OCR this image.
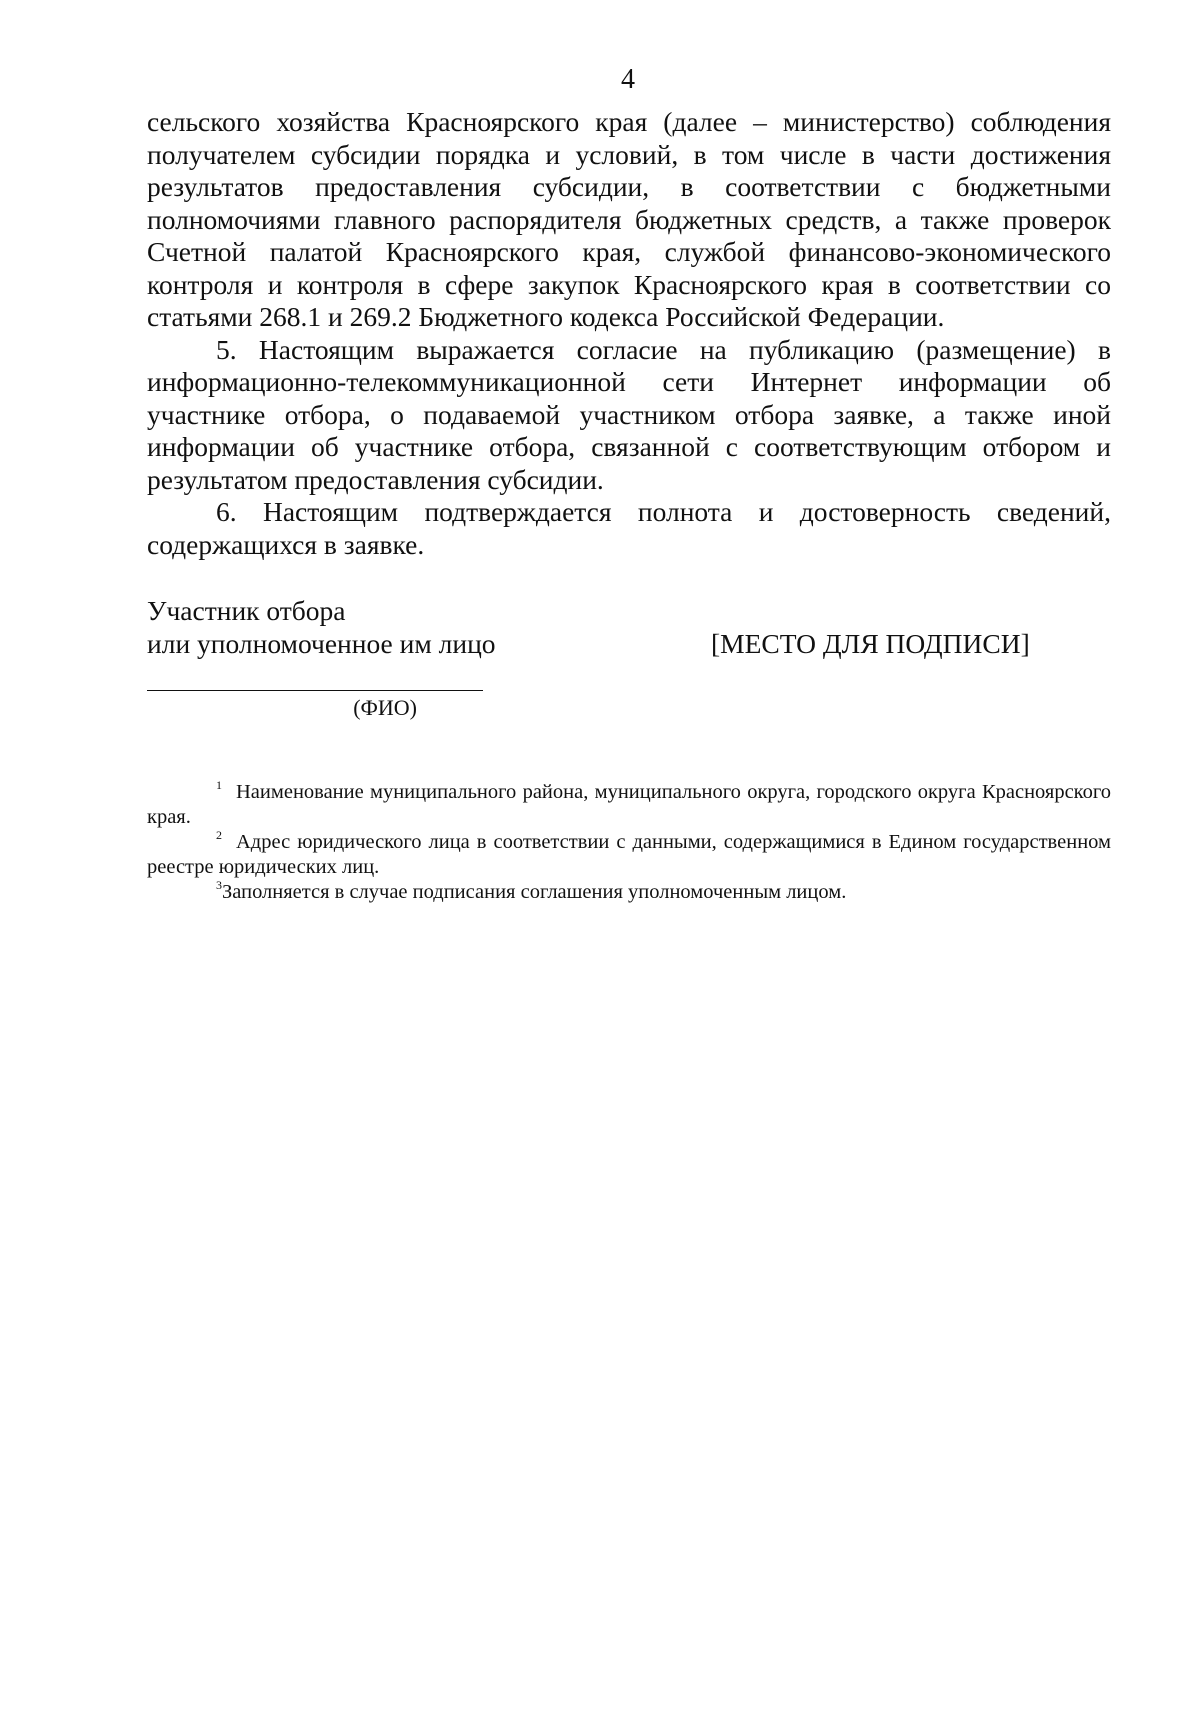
4

сельского хозяйства Красноярского края (далее – министерство) соблюдения получателем субсидии порядка и условий, в том числе в части достижения результатов предоставления субсидии, в соответствии с бюджетными полномочиями главного распорядителя бюджетных средств, а также проверок Счетной палатой Красноярского края, службой финансово-экономического контроля и контроля в сфере закупок Красноярского края в соответствии со статьями 268.1 и 269.2 Бюджетного кодекса Российской Федерации.

5. Настоящим выражается согласие на публикацию (размещение) в информационно-телекоммуникационной сети Интернет информации об участнике отбора, о подаваемой участником отбора заявке, а также иной информации об участнике отбора, связанной с соответствующим отбором и результатом предоставления субсидии.

6. Настоящим подтверждается полнота и достоверность сведений, содержащихся в заявке.

Участник отбора

или уполномоченное им лицо	[МЕСТО ДЛЯ ПОДПИСИ]
(ФИО)

$^1$ Наименование муниципального района, муниципального округа, городского округа Красноярского края.

$^2$ Адрес юридического лица в соответствии с данными, содержащимися в Едином государственном реестре юридических лиц.

$^3$Заполняется в случае подписания соглашения уполномоченным лицом.
